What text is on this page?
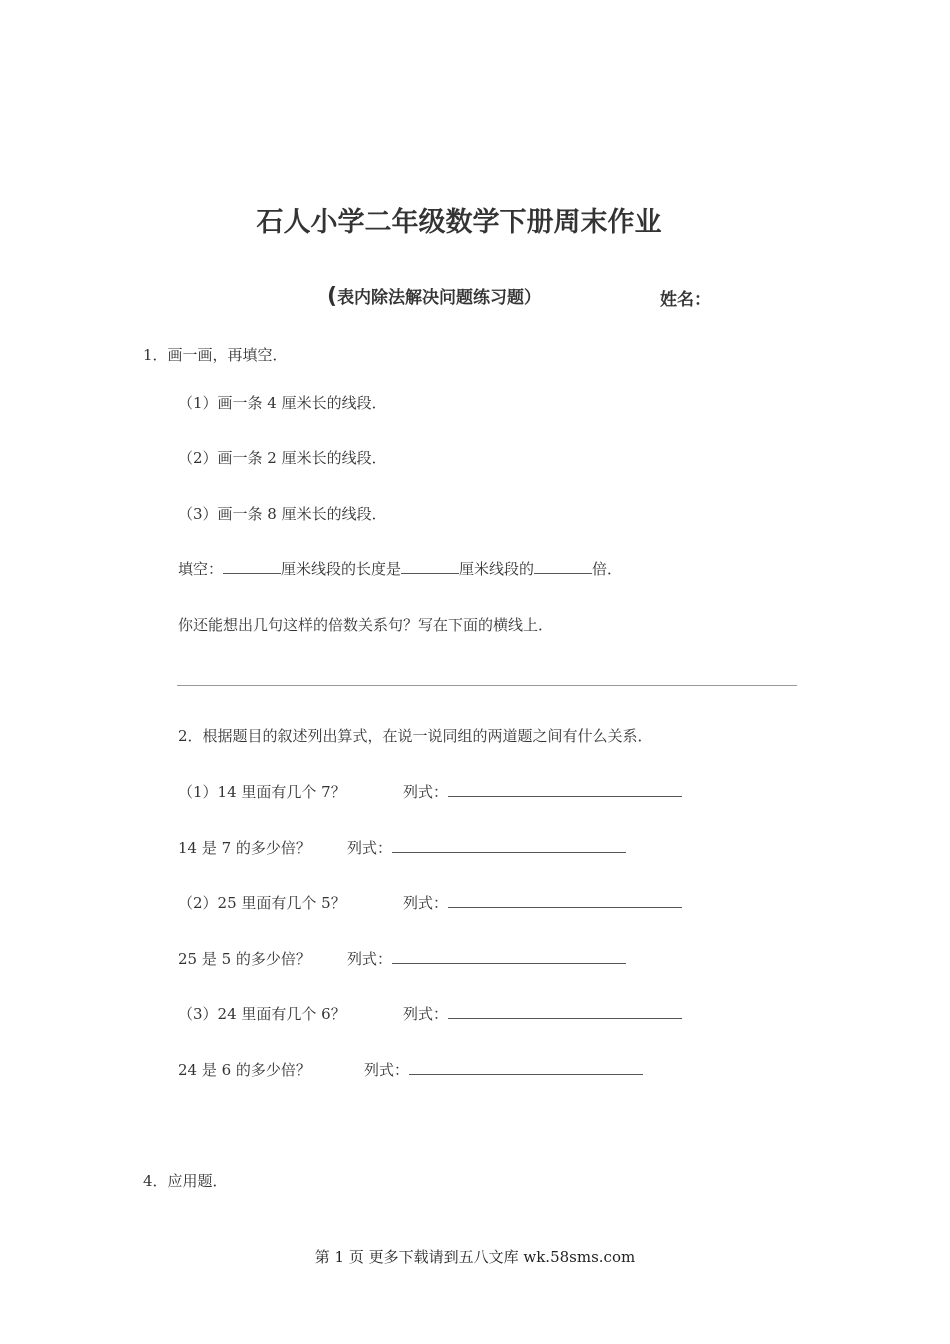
石人小学二年级数学下册周末作业
(表内除法解决问题练习题）	姓名：
1．画一画，再填空．
（1）画一条 4 厘米长的线段．
（2）画一条 2 厘米长的线段．
（3）画一条 8 厘米长的线段．
填空：	厘米线段的长度是	厘米线段的	倍．
你还能想出几句这样的倍数关系句？写在下面的横线上．
2．根据题目的叙述列出算式，在说一说同组的两道题之间有什么关系．
（1）14 里面有几个 7？	列式：
14 是 7 的多少倍？ 列式：
（2）25 里面有几个 5？	列式：
25 是 5 的多少倍？ 列式：
（3）24 里面有几个 6？	列式：
24 是 6 的多少倍？	列式：
4．应用题．
第 1 页 更多下载请到五八文库 wk.58sms.com
